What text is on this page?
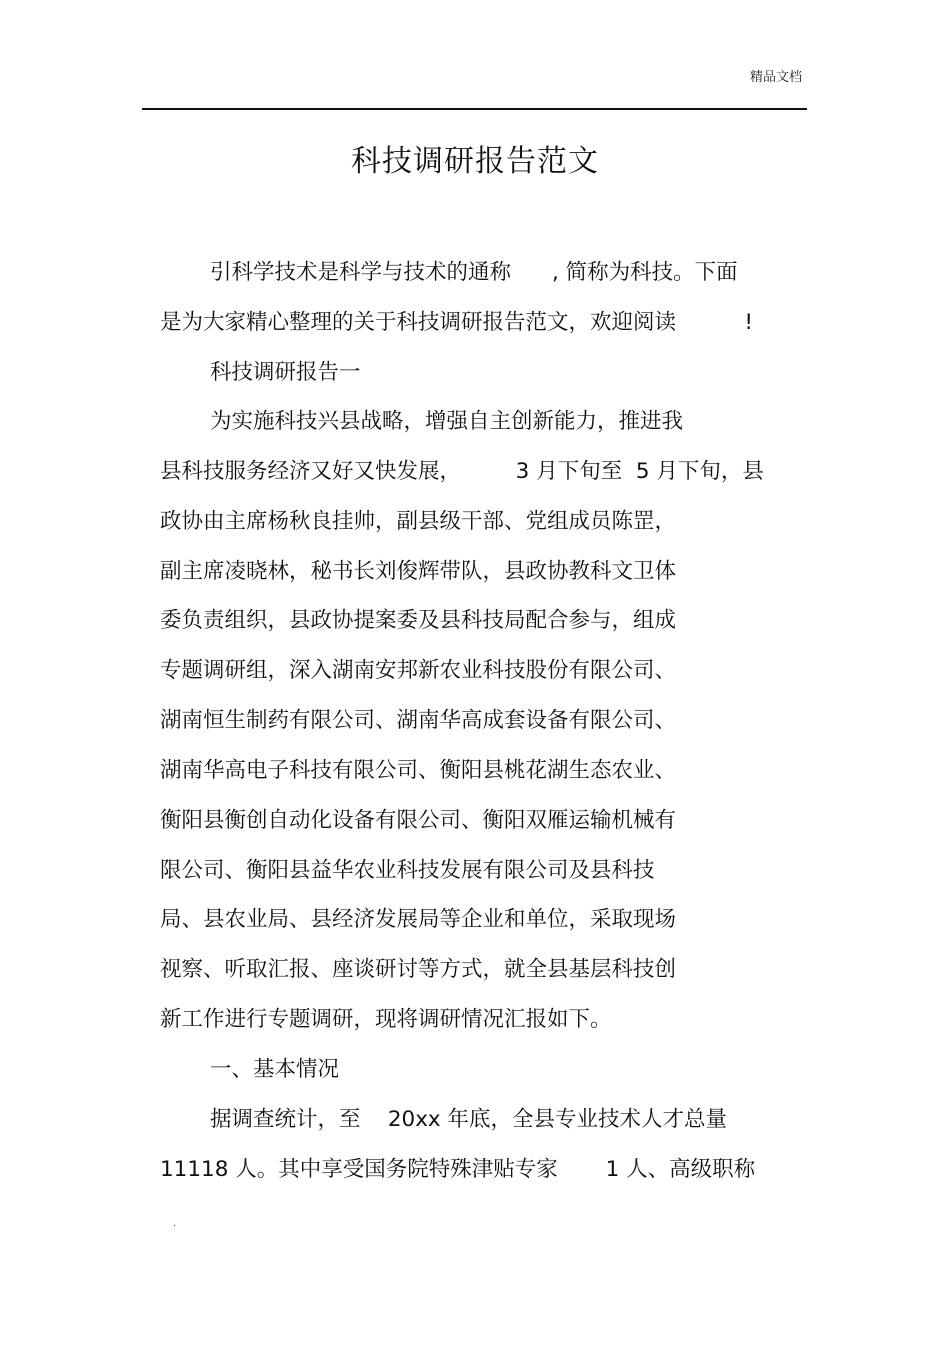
精品文档
科技调研报告范文
引科学技术是科学与技术的通称      , 简称为科技。下面
是为大家精心整理的关于科技调研报告范文，欢迎阅读          !
科技调研报告一
为实施科技兴县战略，增强自主创新能力，推进我
县科技服务经济又好又快发展，        3 月下旬至  5 月下旬，县
政协由主席杨秋良挂帅，副县级干部、党组成员陈罡，
副主席凌晓林，秘书长刘俊辉带队，县政协教科文卫体
委负责组织，县政协提案委及县科技局配合参与，组成
专题调研组，深入湖南安邦新农业科技股份有限公司、
湖南恒生制药有限公司、湖南华高成套设备有限公司、
湖南华高电子科技有限公司、衡阳县桃花湖生态农业、
衡阳县衡创自动化设备有限公司、衡阳双雁运输机械有
限公司、衡阳县益华农业科技发展有限公司及县科技
局、县农业局、县经济发展局等企业和单位，采取现场
视察、听取汇报、座谈研讨等方式，就全县基层科技创
新工作进行专题调研，现将调研情况汇报如下。
一、基本情况
据调查统计，至    20xx 年底，全县专业技术人才总量
11118 人。其中享受国务院特殊津贴专家       1 人、高级职称
.
